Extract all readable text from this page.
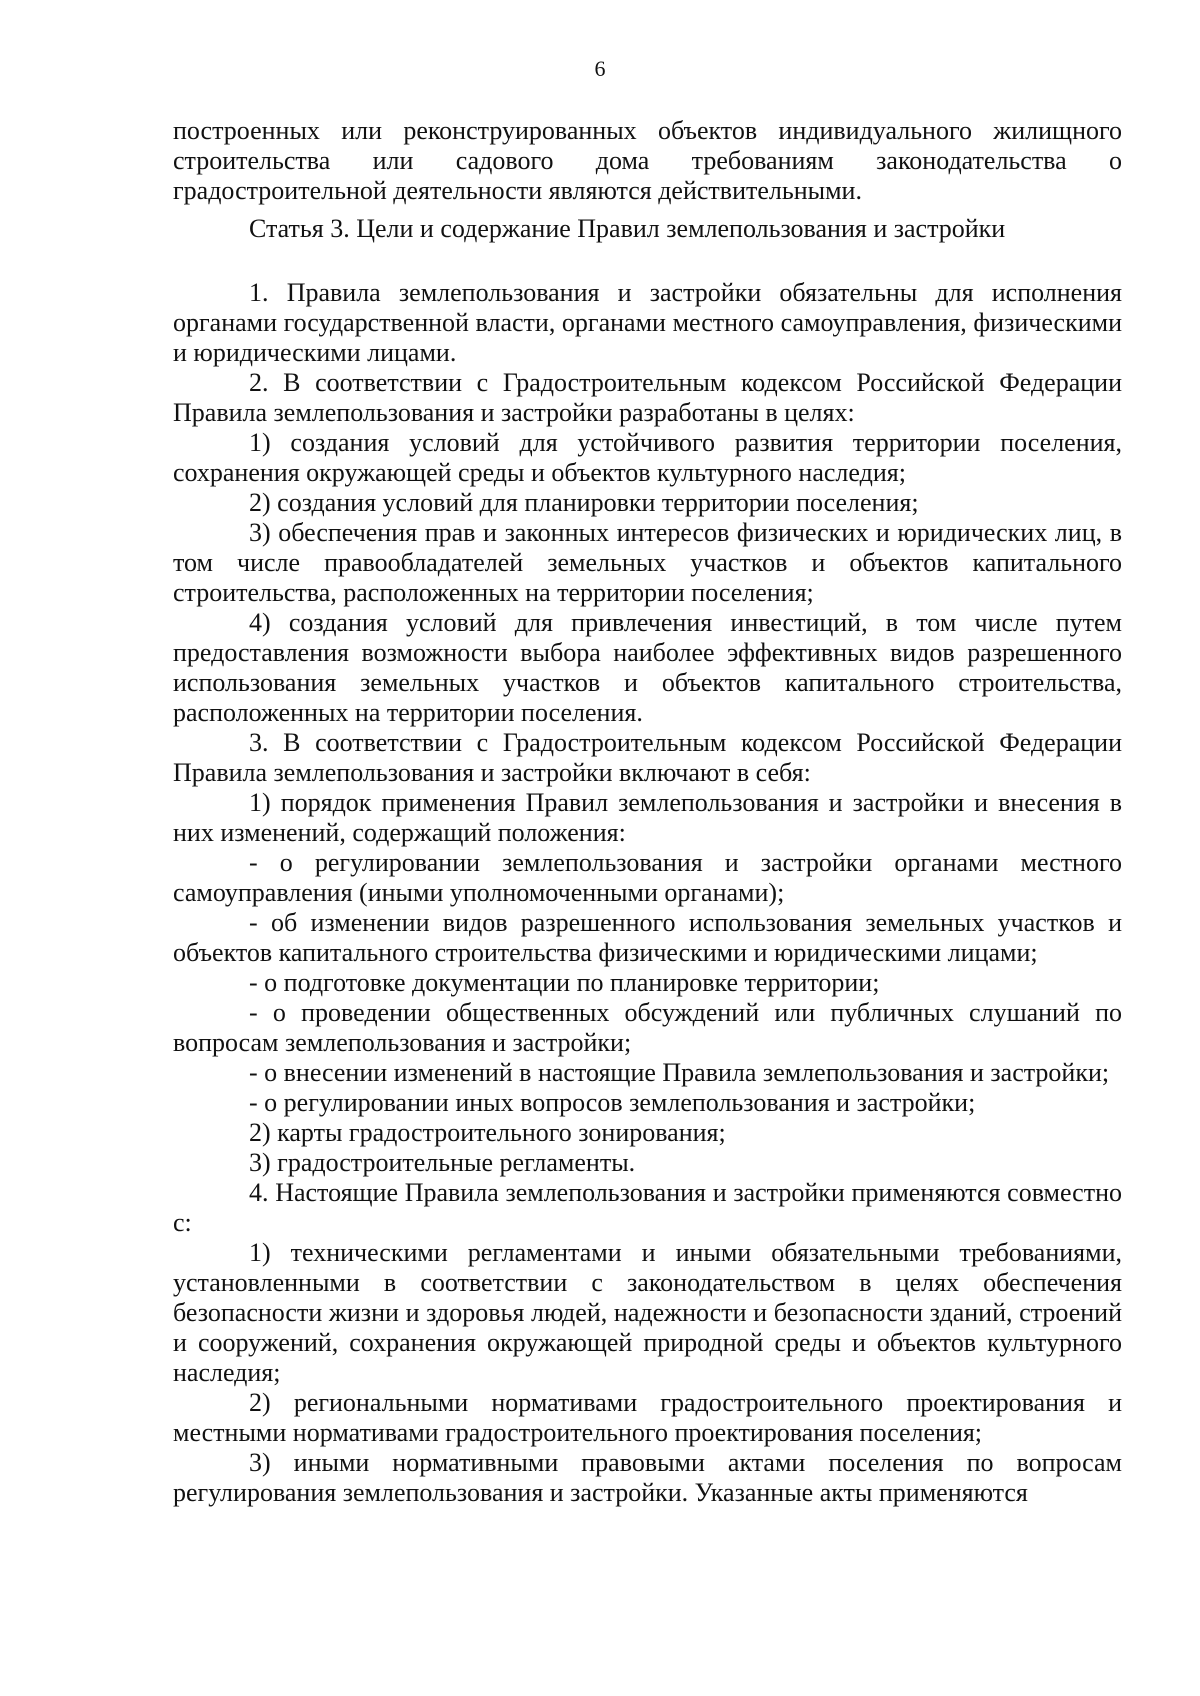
6

построенных или реконструированных объектов индивидуального жилищного строительства или садового дома требованиям законодательства о градостроительной деятельности являются действительными.

Статья 3. Цели и содержание Правил землепользования и застройки

1. Правила землепользования и застройки обязательны для исполнения органами государственной власти, органами местного самоуправления, физическими и юридическими лицами.

2. В соответствии с Градостроительным кодексом Российской Федерации Правила землепользования и застройки разработаны в целях:

1) создания условий для устойчивого развития территории поселения, сохранения окружающей среды и объектов культурного наследия;

2) создания условий для планировки территории поселения;

3) обеспечения прав и законных интересов физических и юридических лиц, в том числе правообладателей земельных участков и объектов капитального строительства, расположенных на территории поселения;

4) создания условий для привлечения инвестиций, в том числе путем предоставления возможности выбора наиболее эффективных видов разрешенного использования земельных участков и объектов капитального строительства, расположенных на территории поселения.

3. В соответствии с Градостроительным кодексом Российской Федерации Правила землепользования и застройки включают в себя:

1) порядок применения Правил землепользования и застройки и внесения в них изменений, содержащий положения:

- о регулировании землепользования и застройки органами местного самоуправления (иными уполномоченными органами);

- об изменении видов разрешенного использования земельных участков и объектов капитального строительства физическими и юридическими лицами;

- о подготовке документации по планировке территории;

- о проведении общественных обсуждений или публичных слушаний по вопросам землепользования и застройки;

- о внесении изменений в настоящие Правила землепользования и застройки;

- о регулировании иных вопросов землепользования и застройки;

2) карты градостроительного зонирования;

3) градостроительные регламенты.

4. Настоящие Правила землепользования и застройки применяются совместно с:

1) техническими регламентами и иными обязательными требованиями, установленными в соответствии с законодательством в целях обеспечения безопасности жизни и здоровья людей, надежности и безопасности зданий, строений и сооружений, сохранения окружающей природной среды и объектов культурного наследия;

2) региональными нормативами градостроительного проектирования и местными нормативами градостроительного проектирования поселения;

3) иными нормативными правовыми актами поселения по вопросам регулирования землепользования и застройки. Указанные акты применяются
